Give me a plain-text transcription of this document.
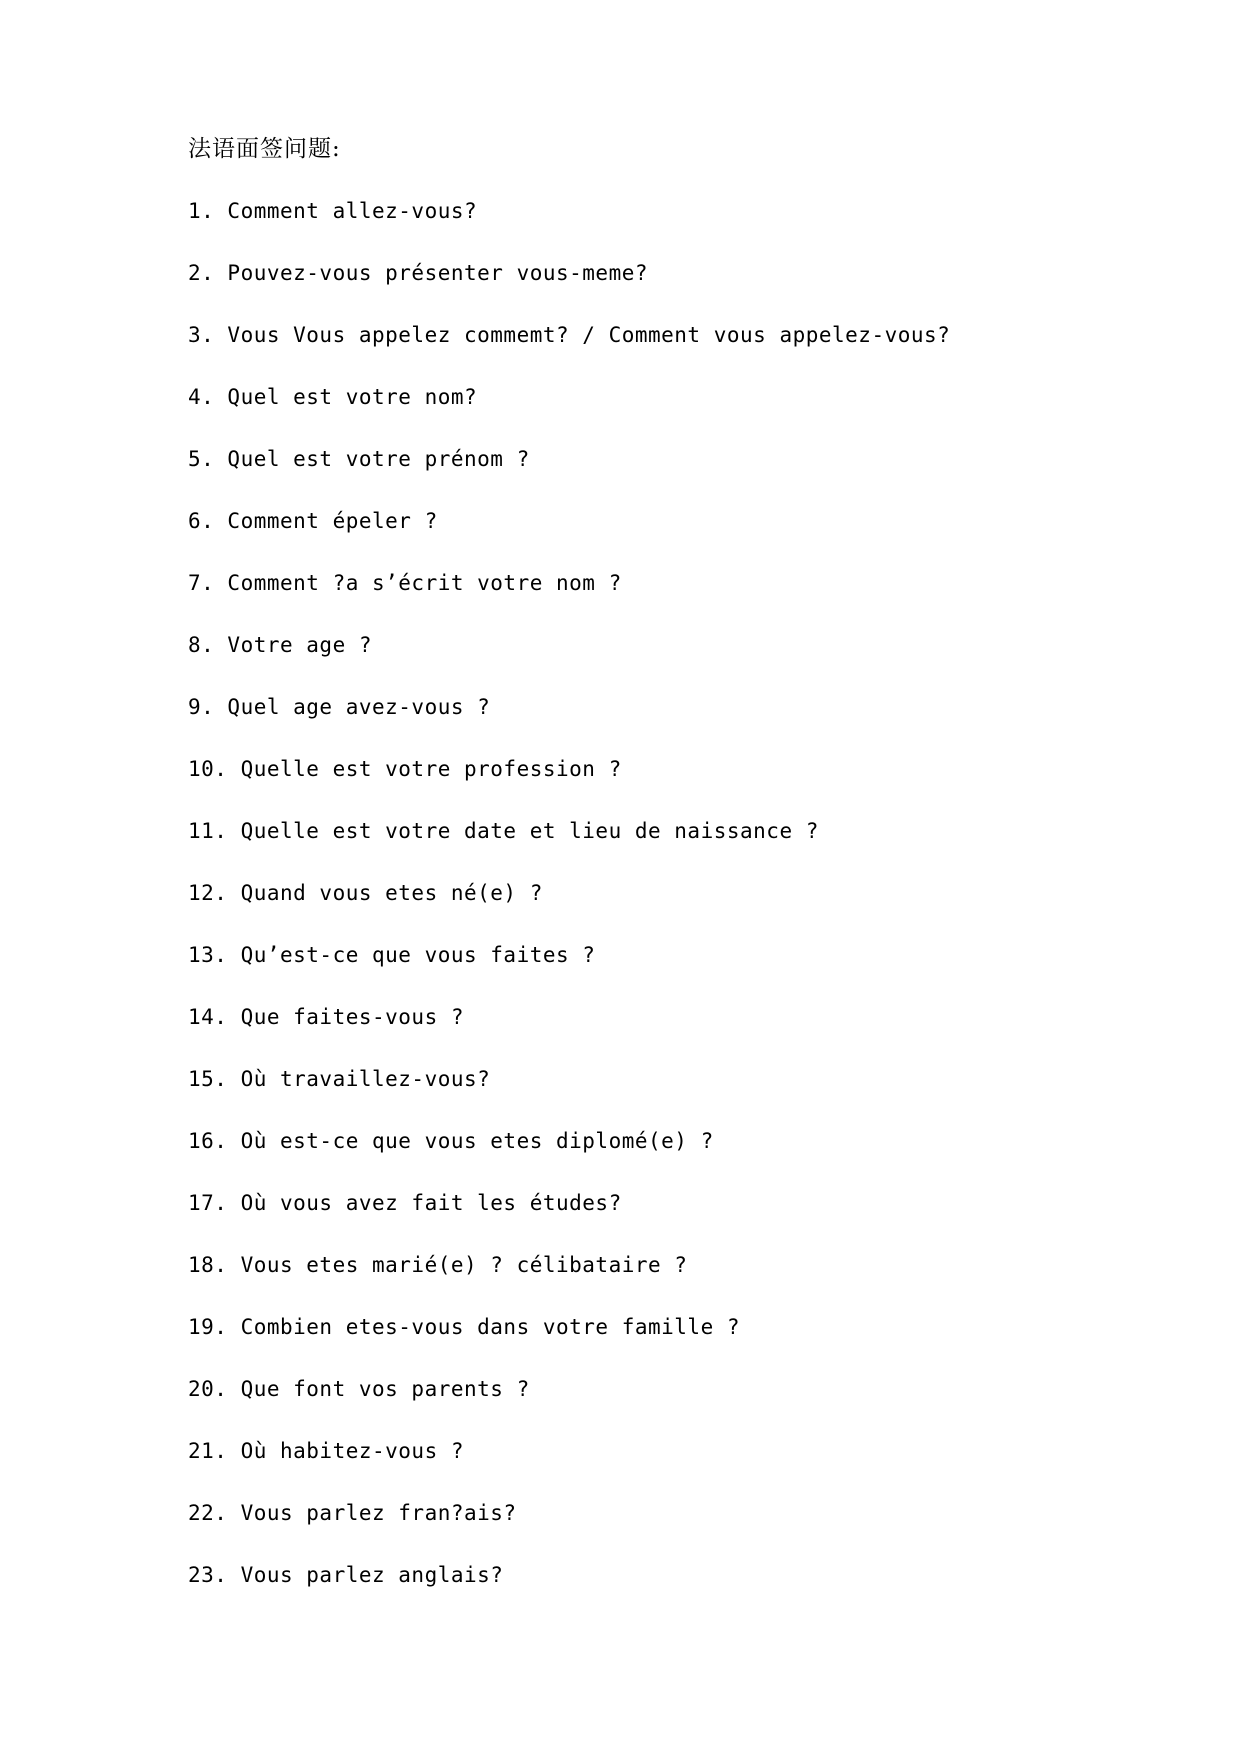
法语面签问题:
1. Comment allez-vous?
2. Pouvez-vous présenter vous-meme?
3. Vous Vous appelez commemt? / Comment vous appelez-vous?
4. Quel est votre nom?
5. Quel est votre prénom ?
6. Comment épeler ?
7. Comment ?a s’écrit votre nom ?
8. Votre age ?
9. Quel age avez-vous ?
10. Quelle est votre profession ?
11. Quelle est votre date et lieu de naissance ?
12. Quand vous etes né(e) ?
13. Qu’est-ce que vous faites ?
14. Que faites-vous ?
15. Où travaillez-vous?
16. Où est-ce que vous etes diplomé(e) ?
17. Où vous avez fait les études?
18. Vous etes marié(e) ? célibataire ?
19. Combien etes-vous dans votre famille ?
20. Que font vos parents ?
21. Où habitez-vous ?
22. Vous parlez fran?ais?
23. Vous parlez anglais?
